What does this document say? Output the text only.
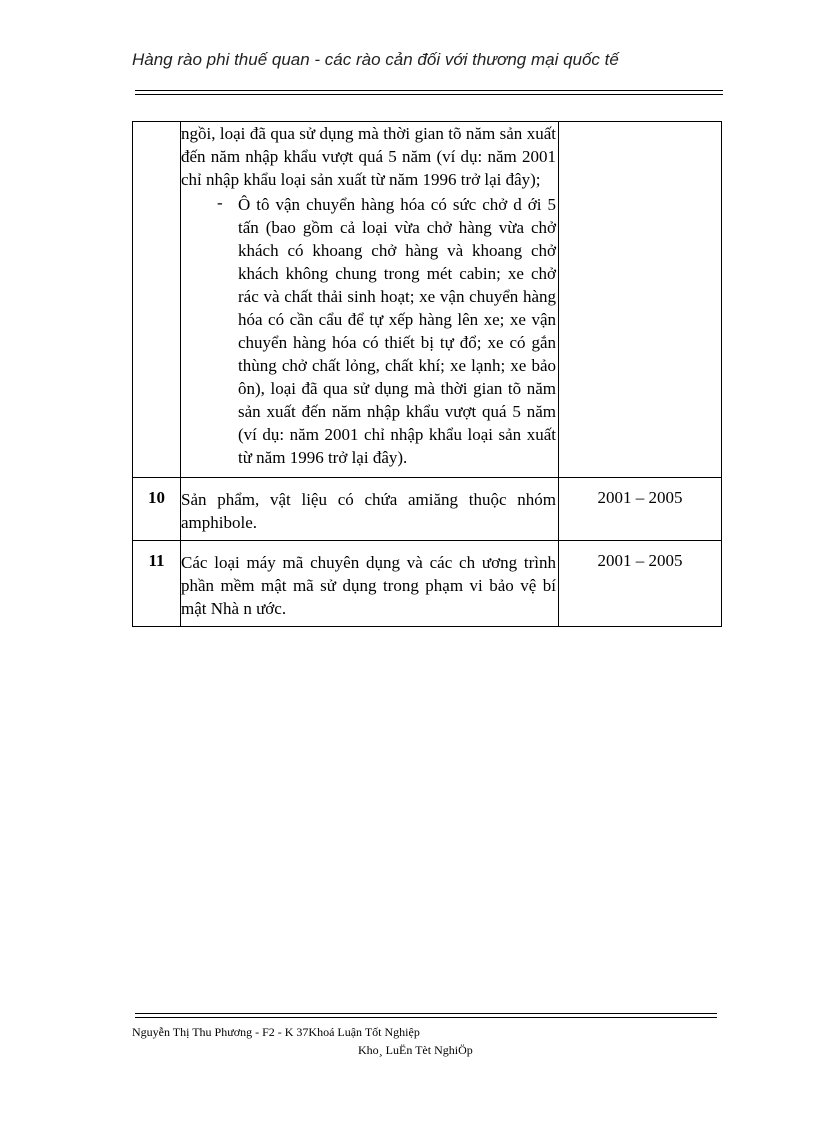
Hàng rào phi thuế quan - các rào cản đối với thương mại quốc tế

	ngồi, loại đã qua sử dụng mà thời gian tõ năm sản xuất đến năm nhập khẩu vượt quá 5 năm (ví dụ: năm 2001 chỉ nhập khẩu loại sản xuất từ năm 1996 trở lại đây);

- Ô tô vận chuyển hàng hóa có sức chở d ới 5 tấn (bao gồm cả loại vừa chở hàng vừa chở khách có khoang chở hàng và khoang chở khách không chung trong mét cabin; xe chở rác và chất thải sinh hoạt; xe vận chuyển hàng hóa có cần cẩu để tự xếp hàng lên xe; xe vận chuyển hàng hóa có thiết bị tự đổ; xe có gắn thùng chở chất lỏng, chất khí; xe lạnh; xe bảo ôn), loại đã qua sử dụng mà thời gian tõ năm sản xuất đến năm nhập khẩu vượt quá 5 năm (ví dụ: năm 2001 chỉ nhập khẩu loại sản xuất từ năm 1996 trở lại đây).	

10	Sản phẩm, vật liệu có chứa amiăng thuộc nhóm amphibole.	2001 – 2005
11	Các loại máy mã chuyên dụng và các ch ương trình phần mềm mật mã sử dụng trong phạm vi bảo vệ bí mật Nhà n ước.	2001 – 2005
Nguyễn Thị Thu Phương - F2 - K 37Khoá Luận Tốt Nghiệp
Kho¸ LuËn Tèt NghiÖp
